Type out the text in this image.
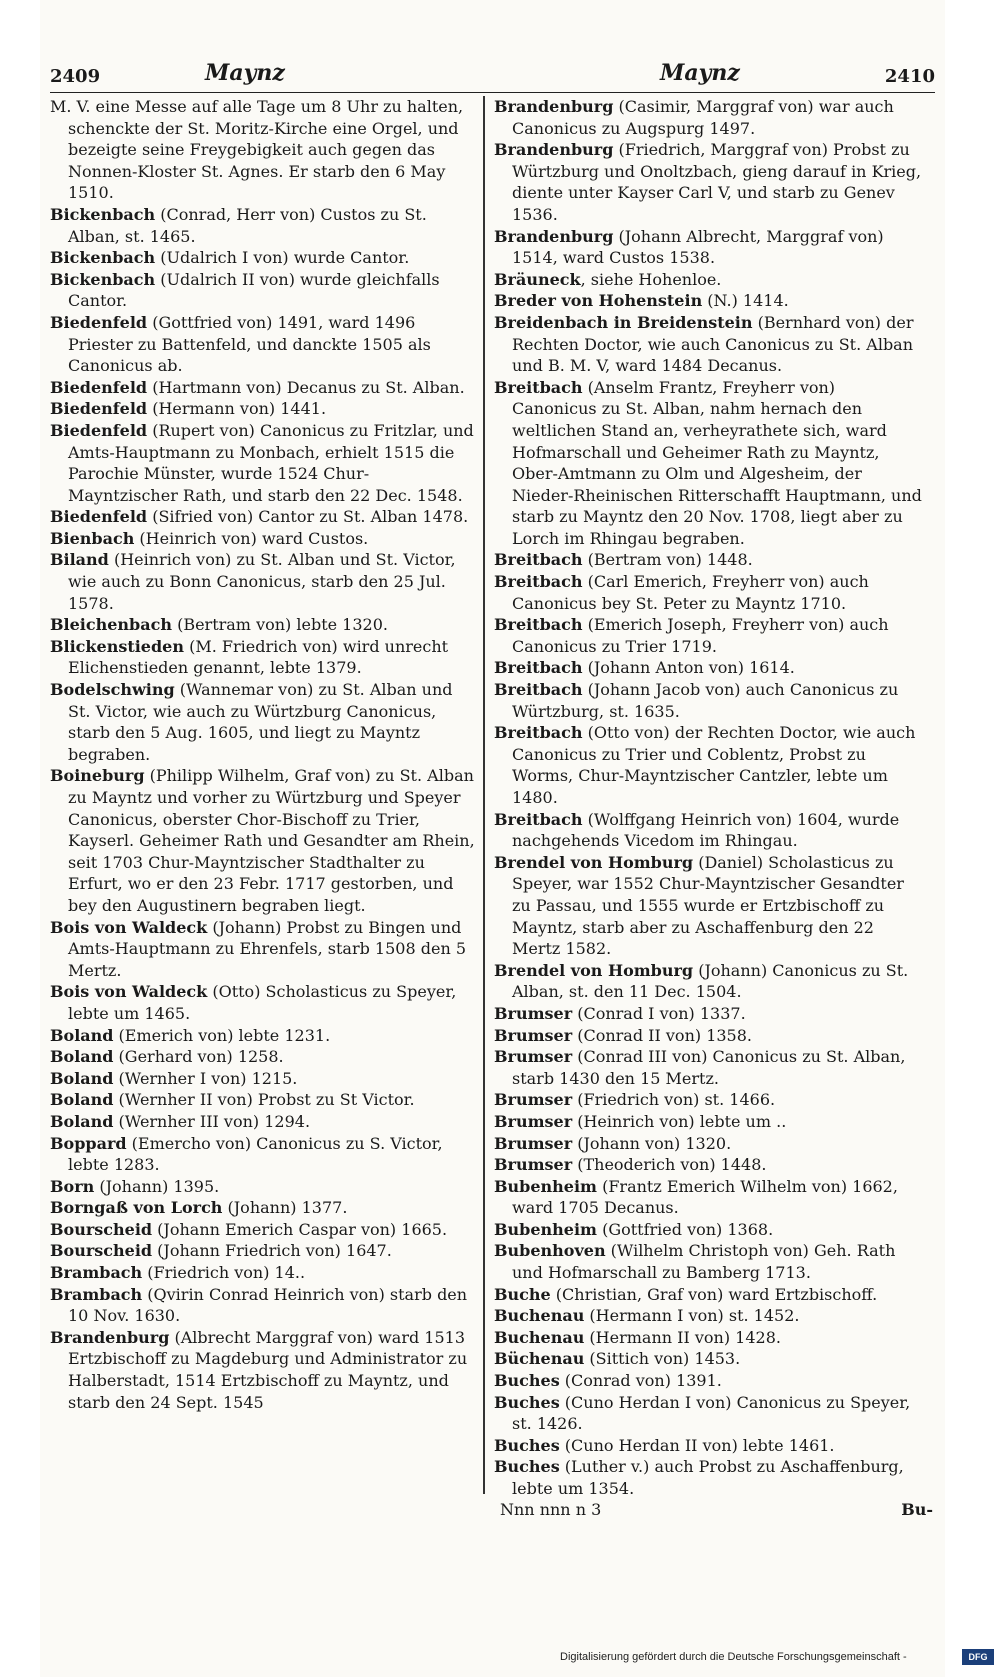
2409	Maynz	Maynz	2410

M. V. eine Messe auf alle Tage um 8 Uhr zu halten, schenckte der St. Moritz-Kirche eine Orgel, und bezeigte seine Freygebigkeit auch gegen das Nonnen-Kloster St. Agnes. Er starb den 6 May 1510.

Bickenbach (Conrad, Herr von) Custos zu St. Alban, st. 1465.

Bickenbach (Udalrich I von) wurde Cantor.

Bickenbach (Udalrich II von) wurde gleichfalls Cantor.

Biedenfeld (Gottfried von) 1491, ward 1496 Priester zu Battenfeld, und danckte 1505 als Canonicus ab.

Biedenfeld (Hartmann von) Decanus zu St. Alban.

Biedenfeld (Hermann von) 1441.

Biedenfeld (Rupert von) Canonicus zu Fritzlar, und Amts-Hauptmann zu Monbach, erhielt 1515 die Parochie Münster, wurde 1524 Chur-Mayntzischer Rath, und starb den 22 Dec. 1548.

Biedenfeld (Sifried von) Cantor zu St. Alban 1478.

Bienbach (Heinrich von) ward Custos.

Biland (Heinrich von) zu St. Alban und St. Victor, wie auch zu Bonn Canonicus, starb den 25 Jul. 1578.

Bleichenbach (Bertram von) lebte 1320.

Blickenstieden (M. Friedrich von) wird unrecht Elichenstieden genannt, lebte 1379.

Bodelschwing (Wannemar von) zu St. Alban und St. Victor, wie auch zu Würtzburg Canonicus, starb den 5 Aug. 1605, und liegt zu Mayntz begraben.

Boineburg (Philipp Wilhelm, Graf von) zu St. Alban zu Mayntz und vorher zu Würtzburg und Speyer Canonicus, oberster Chor-Bischoff zu Trier, Kayserl. Geheimer Rath und Gesandter am Rhein, seit 1703 Chur-Mayntzischer Stadthalter zu Erfurt, wo er den 23 Febr. 1717 gestorben, und bey den Augustinern begraben liegt.

Bois von Waldeck (Johann) Probst zu Bingen und Amts-Hauptmann zu Ehrenfels, starb 1508 den 5 Mertz.

Bois von Waldeck (Otto) Scholasticus zu Speyer, lebte um 1465.

Boland (Emerich von) lebte 1231.

Boland (Gerhard von) 1258.

Boland (Wernher I von) 1215.

Boland (Wernher II von) Probst zu St Victor.

Boland (Wernher III von) 1294.

Boppard (Emercho von) Canonicus zu S. Victor, lebte 1283.

Born (Johann) 1395.

Borngaß von Lorch (Johann) 1377.

Bourscheid (Johann Emerich Caspar von) 1665.

Bourscheid (Johann Friedrich von) 1647.

Brambach (Friedrich von) 14..

Brambach (Qvirin Conrad Heinrich von) starb den 10 Nov. 1630.

Brandenburg (Albrecht Marggraf von) ward 1513 Ertzbischoff zu Magdeburg und Administrator zu Halberstadt, 1514 Ertzbischoff zu Mayntz, und starb den 24 Sept. 1545

Brandenburg (Casimir, Marggraf von) war auch Canonicus zu Augspurg 1497.

Brandenburg (Friedrich, Marggraf von) Probst zu Würtzburg und Onoltzbach, gieng darauf in Krieg, diente unter Kayser Carl V, und starb zu Genev 1536.

Brandenburg (Johann Albrecht, Marggraf von) 1514, ward Custos 1538.

Bräuneck, siehe Hohenloe.

Breder von Hohenstein (N.) 1414.

Breidenbach in Breidenstein (Bernhard von) der Rechten Doctor, wie auch Canonicus zu St. Alban und B. M. V, ward 1484 Decanus.

Breitbach (Anselm Frantz, Freyherr von) Canonicus zu St. Alban, nahm hernach den weltlichen Stand an, verheyrathete sich, ward Hofmarschall und Geheimer Rath zu Mayntz, Ober-Amtmann zu Olm und Algesheim, der Nieder-Rheinischen Ritterschafft Hauptmann, und starb zu Mayntz den 20 Nov. 1708, liegt aber zu Lorch im Rhingau begraben.

Breitbach (Bertram von) 1448.

Breitbach (Carl Emerich, Freyherr von) auch Canonicus bey St. Peter zu Mayntz 1710.

Breitbach (Emerich Joseph, Freyherr von) auch Canonicus zu Trier 1719.

Breitbach (Johann Anton von) 1614.

Breitbach (Johann Jacob von) auch Canonicus zu Würtzburg, st. 1635.

Breitbach (Otto von) der Rechten Doctor, wie auch Canonicus zu Trier und Coblentz, Probst zu Worms, Chur-Mayntzischer Cantzler, lebte um 1480.

Breitbach (Wolffgang Heinrich von) 1604, wurde nachgehends Vicedom im Rhingau.

Brendel von Homburg (Daniel) Scholasticus zu Speyer, war 1552 Chur-Mayntzischer Gesandter zu Passau, und 1555 wurde er Ertzbischoff zu Mayntz, starb aber zu Aschaffenburg den 22 Mertz 1582.

Brendel von Homburg (Johann) Canonicus zu St. Alban, st. den 11 Dec. 1504.

Brumser (Conrad I von) 1337.

Brumser (Conrad II von) 1358.

Brumser (Conrad III von) Canonicus zu St. Alban, starb 1430 den 15 Mertz.

Brumser (Friedrich von) st. 1466.

Brumser (Heinrich von) lebte um ..

Brumser (Johann von) 1320.

Brumser (Theoderich von) 1448.

Bubenheim (Frantz Emerich Wilhelm von) 1662, ward 1705 Decanus.

Bubenheim (Gottfried von) 1368.

Bubenhoven (Wilhelm Christoph von) Geh. Rath und Hofmarschall zu Bamberg 1713.

Buche (Christian, Graf von) ward Ertzbischoff.

Buchenau (Hermann I von) st. 1452.

Buchenau (Hermann II von) 1428.

Büchenau (Sittich von) 1453.

Buches (Conrad von) 1391.

Buches (Cuno Herdan I von) Canonicus zu Speyer, st. 1426.

Buches (Cuno Herdan II von) lebte 1461.

Buches (Luther v.) auch Probst zu Aschaffenburg, lebte um 1354.

Nnn nnn n 3	Bu-
Digitalisierung gefördert durch die Deutsche Forschungsgemeinschaft -	DFG
